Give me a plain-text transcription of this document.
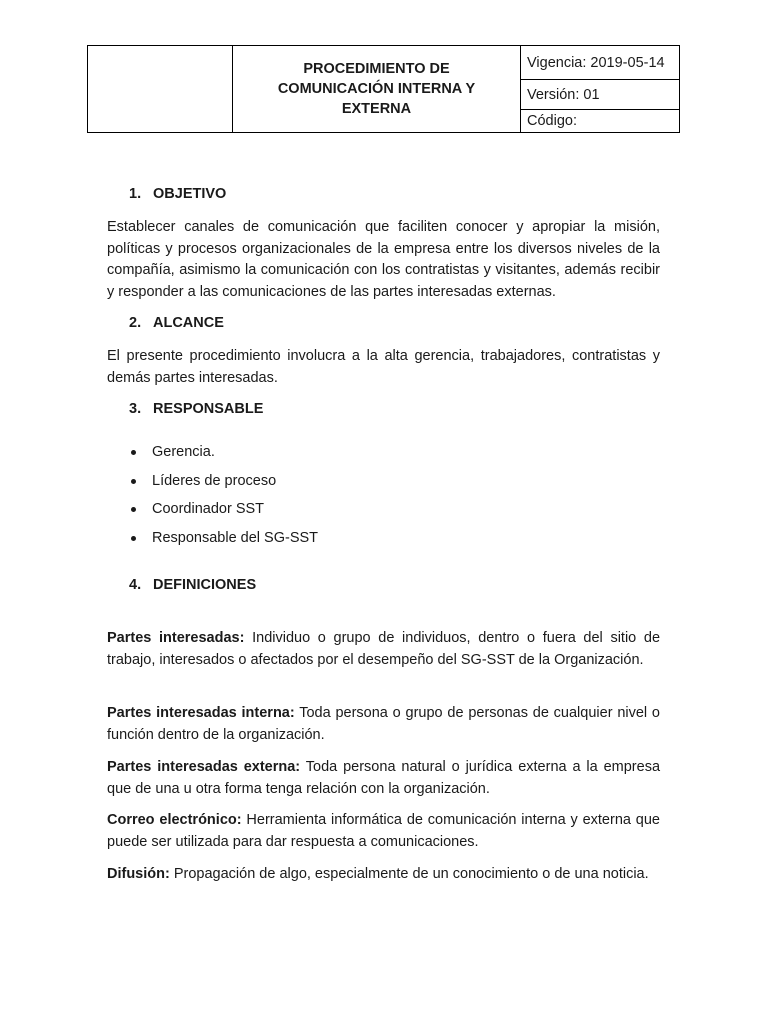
PROCEDIMIENTO DE COMUNICACIÓN INTERNA Y EXTERNA
Vigencia: 2019-05-14
Versión: 01
Código:
1. OBJETIVO
Establecer canales de comunicación que faciliten conocer y apropiar la misión, políticas y procesos organizacionales de la empresa entre los diversos niveles de la compañía, asimismo la comunicación con los contratistas y visitantes, además recibir y responder a las comunicaciones de las partes interesadas externas.
2. ALCANCE
El presente procedimiento involucra a la alta gerencia, trabajadores, contratistas y demás partes interesadas.
3. RESPONSABLE
Gerencia.
Líderes de proceso
Coordinador SST
Responsable del SG-SST
4. DEFINICIONES
Partes interesadas: Individuo o grupo de individuos, dentro o fuera del sitio de trabajo, interesados o afectados por el desempeño del SG-SST de la Organización.
Partes interesadas interna: Toda persona o grupo de personas de cualquier nivel o función dentro de la organización.
Partes interesadas externa: Toda persona natural o jurídica externa a la empresa que de una u otra forma tenga relación con la organización.
Correo electrónico: Herramienta informática de comunicación interna y externa que puede ser utilizada para dar respuesta a comunicaciones.
Difusión: Propagación de algo, especialmente de un conocimiento o de una noticia.
